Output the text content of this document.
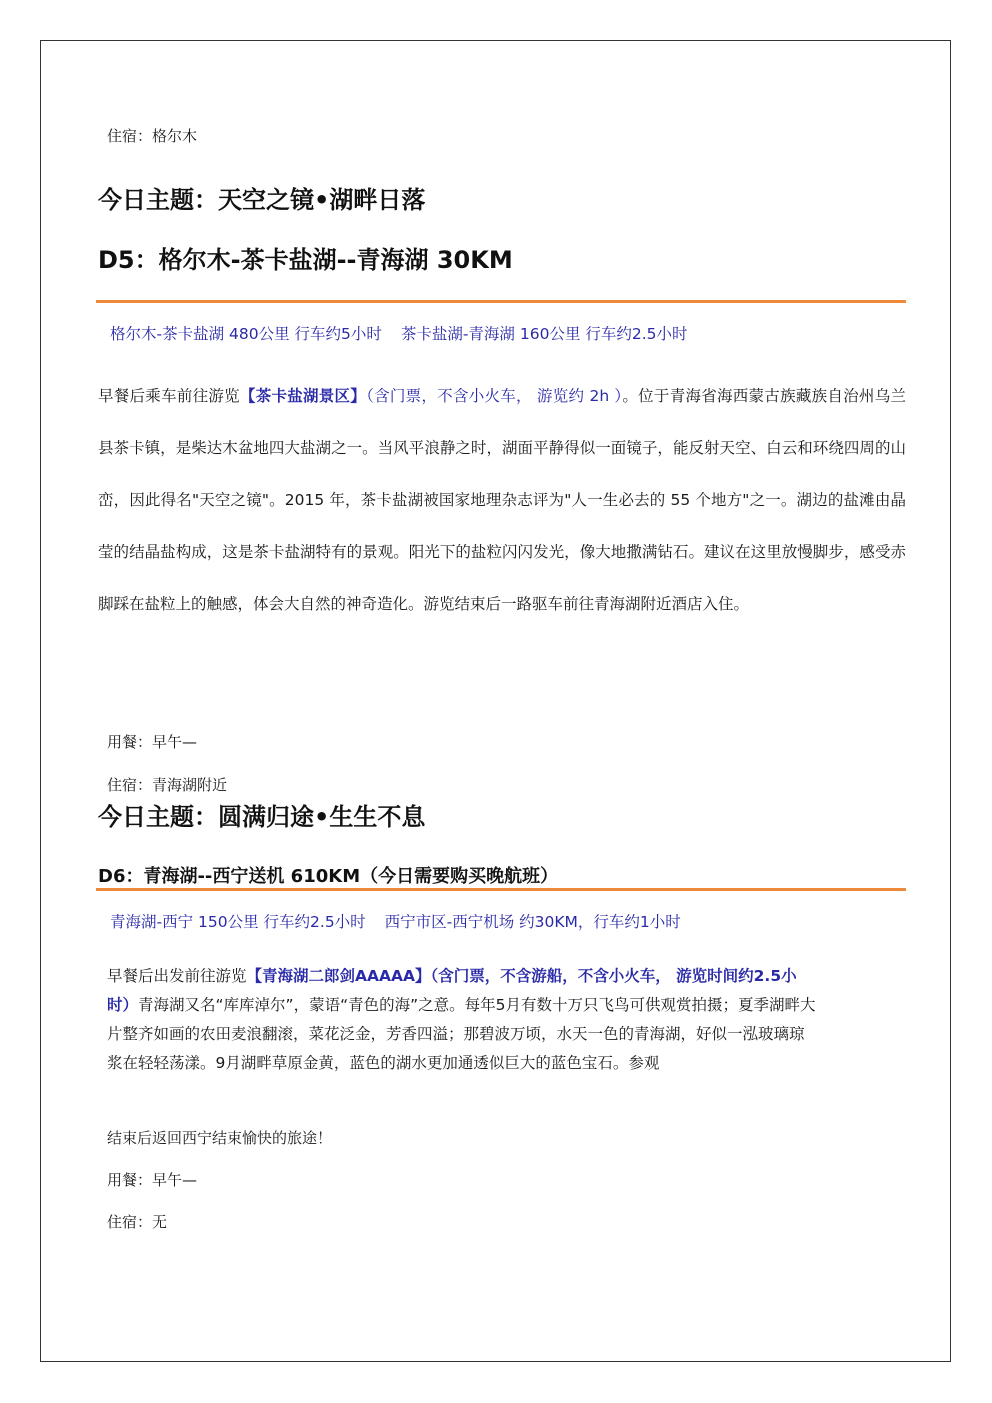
住宿：格尔木
今日主题：天空之镜•湖畔日落
D5：格尔木-茶卡盐湖--青海湖 30KM
格尔木-茶卡盐湖 480公里 行车约5小时 茶卡盐湖-青海湖 160公里 行车约2.5小时
早餐后乘车前往游览【茶卡盐湖景区】（含门票，不含小火车， 游览约 2h ）。位于青海省海西蒙古族藏族自治州乌兰县茶卡镇，是柴达木盆地四大盐湖之一。当风平浪静之时，湖面平静得似一面镜子，能反射天空、白云和环绕四周的山峦，因此得名"天空之镜"。2015 年，茶卡盐湖被国家地理杂志评为"人一生必去的 55 个地方"之一。湖边的盐滩由晶莹的结晶盐构成，这是茶卡盐湖特有的景观。阳光下的盐粒闪闪发光，像大地撒满钻石。建议在这里放慢脚步，感受赤脚踩在盐粒上的触感，体会大自然的神奇造化。游览结束后一路驱车前往青海湖附近酒店入住。
用餐：早午—
住宿：青海湖附近
今日主题：圆满归途•生生不息
D6：青海湖--西宁送机 610KM（今日需要购买晚航班）
青海湖-西宁 150公里 行车约2.5小时 西宁市区-西宁机场 约30KM，行车约1小时
早餐后出发前往游览【青海湖二郎剑AAAAA】（含门票，不含游船，不含小火车， 游览时间约2.5小时）青海湖又名“库库淖尔”，蒙语“青色的海”之意。每年5月有数十万只飞鸟可供观赏拍摄；夏季湖畔大片整齐如画的农田麦浪翻滚，菜花泛金，芳香四溢；那碧波万顷，水天一色的青海湖，好似一泓玻璃琼浆在轻轻荡漾。9月湖畔草原金黄，蓝色的湖水更加通透似巨大的蓝色宝石。参观
结束后返回西宁结束愉快的旅途！
用餐：早午—
住宿：无
